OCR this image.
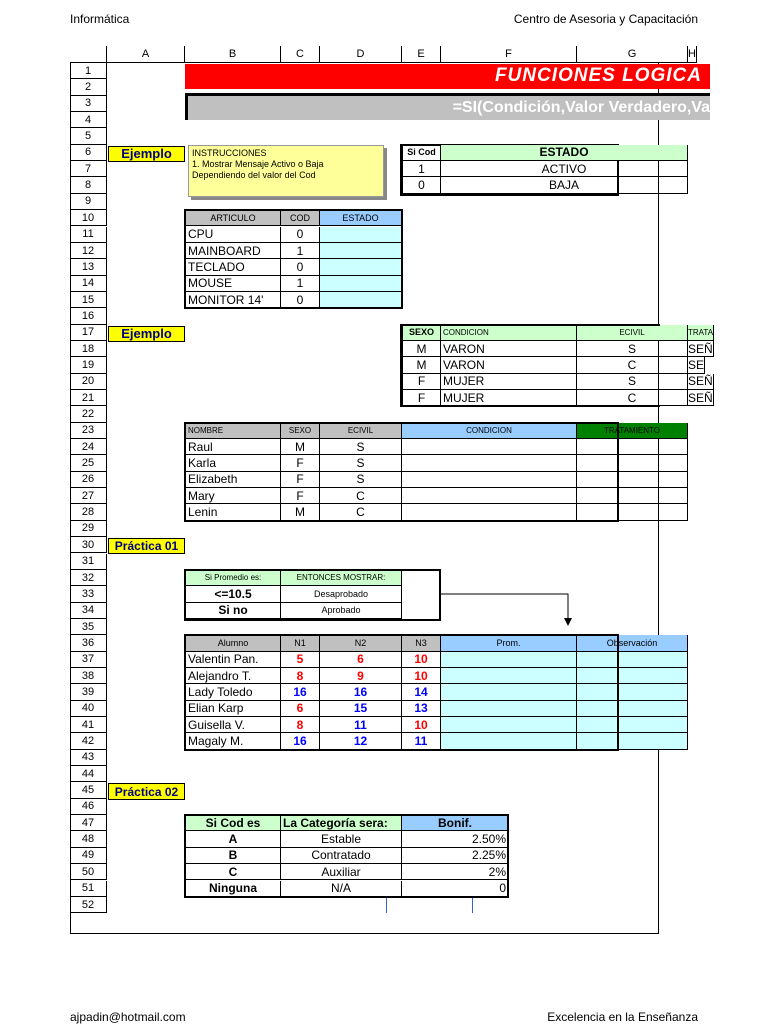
Informática	Centro de Asesoria y Capacitación
A	B	C	D	E	F	G	H
1
2
3
4
5
6
7
8
9
10
11
12
13
14
15
16
17
18
19
20
21
22
23
24
25
26
27
28
29
30
31
32
33
34
35
36
37
38
39
40
41
42
43
44
45
46
47
48
49
50
51
52
FUNCIONES LOGICA
=SI(Condición,Valor Verdadero,Va
Ejemplo	INSTRUCCIONES
1. Mostrar Mensaje Activo o Baja
Dependiendo del valor del Cod
Si Cod	ESTADO
1	ACTIVO
0	BAJA
ARTICULO	COD	ESTADO
CPU	0
MAINBOARD	1
TECLADO	0
MOUSE	1
MONITOR 14'	0
Ejemplo	SEXO	CONDICION	ECIVIL	TRATA
M	VARON	S	SEÑ
M	VARON	C	SE
F	MUJER	S	SEÑ
F	MUJER	C	SEÑ
NOMBRE	SEXO	ECIVIL	CONDICION	TRATAMIENTO
Raul	M	S
Karla	F	S
Elizabeth	F	S
Mary	F	C
Lenin	M	C
Práctica 01
Si Promedio es:	ENTONCES MOSTRAR:
<=10.5	Desaprobado
Si no	Aprobado
Alumno	N1	N2	N3	Prom.	Observación
Valentin Pan.	5	6	10
Alejandro T.	8	9	10
Lady Toledo	16	16	14
Elian Karp	6	15	13
Guisella V.	8	11	10
Magaly M.	16	12	11
Práctica 02
Si Cod es	La Categoría sera:	Bonif.
A	Estable	2.50%
B	Contratado	2.25%
C	Auxiliar	2%
Ninguna	N/A	0
ajpadin@hotmail.com	Excelencia en la Enseñanza
